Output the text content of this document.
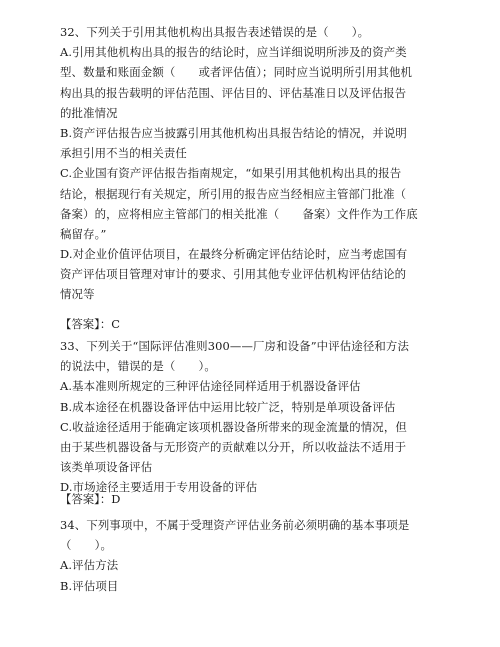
32、下列关于引用其他机构出具报告表述错误的是（　　）。
A.引用其他机构出具的报告的结论时，应当详细说明所涉及的资产类
型、数量和账面金额（　　或者评估值）；同时应当说明所引用其他机
构出具的报告载明的评估范围、评估目的、评估基准日以及评估报告
的批准情况
B.资产评估报告应当披露引用其他机构出具报告结论的情况，并说明
承担引用不当的相关责任
C.企业国有资产评估报告指南规定，“如果引用其他机构出具的报告
结论，根据现行有关规定，所引用的报告应当经相应主管部门批准（
备案）的，应将相应主管部门的相关批准（　　备案）文件作为工作底
稿留存。”
D.对企业价值评估项目，在最终分析确定评估结论时，应当考虑国有
资产评估项目管理对审计的要求、引用其他专业评估机构评估结论的
情况等
【答案】：C
33、下列关于“国际评估准则300——厂房和设备”中评估途径和方法
的说法中，错误的是（　　）。
A.基本准则所规定的三种评估途径同样适用于机器设备评估
B.成本途径在机器设备评估中运用比较广泛，特别是单项设备评估
C.收益途径适用于能确定该项机器设备所带来的现金流量的情况，但
由于某些机器设备与无形资产的贡献难以分开，所以收益法不适用于
该类单项设备评估
D.市场途径主要适用于专用设备的评估
【答案】：D
34、下列事项中，不属于受理资产评估业务前必须明确的基本事项是
（　　）。
A.评估方法
B.评估项目
